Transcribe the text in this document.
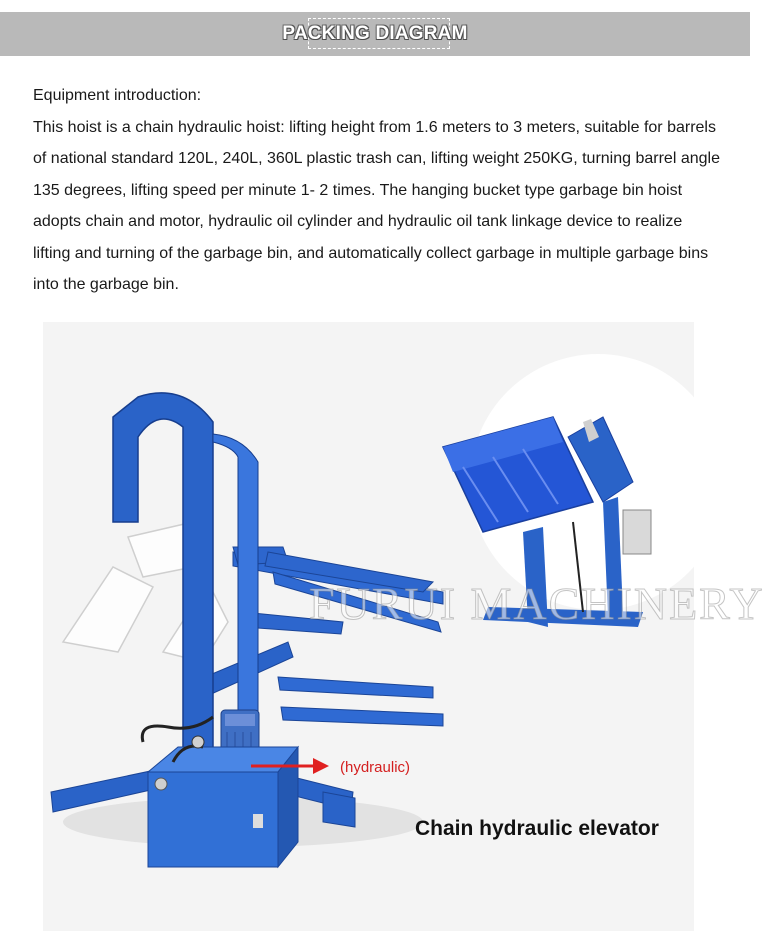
PACKING DIAGRAM

Equipment introduction:

This hoist is a chain hydraulic hoist: lifting height from 1.6 meters to 3 meters, suitable for barrels of national standard 120L, 240L, 360L plastic trash can, lifting weight 250KG, turning barrel angle 135 degrees, lifting speed per minute 1- 2 times. The hanging bucket type garbage bin hoist adopts chain and motor, hydraulic oil cylinder and hydraulic oil tank linkage device to realize lifting and turning of the garbage bin, and automatically collect garbage in multiple garbage bins into the garbage bin.

FURUI MACHINERY
(hydraulic)
Chain hydraulic elevator
